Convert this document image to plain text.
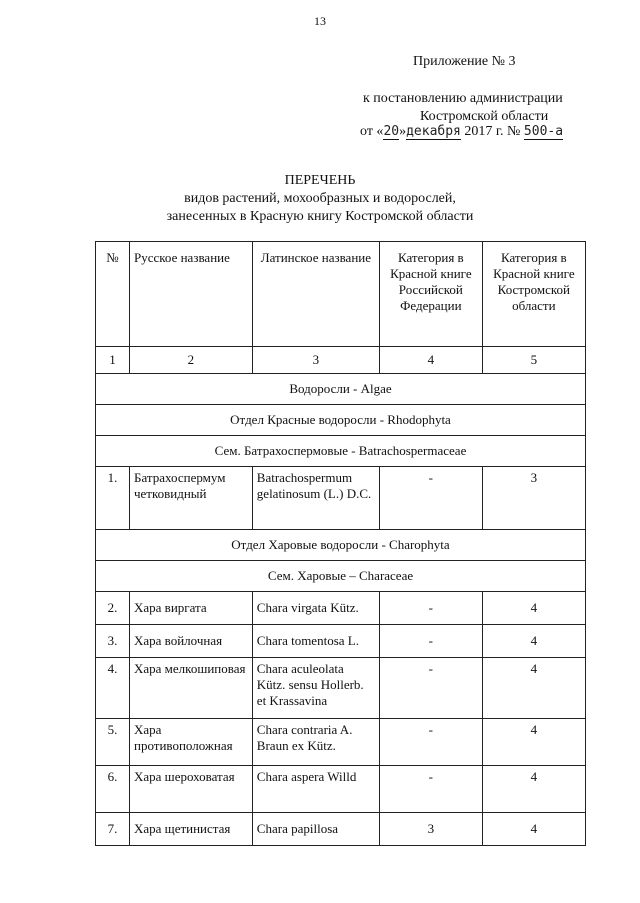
13
Приложение № 3
к постановлению администрации
Костромской области
от «20»декабря 2017 г. № 500-а
ПЕРЕЧЕНЬ
видов растений, мохообразных и водорослей,
занесенных в Красную книгу Костромской области
№	Русское название	Латинское название	Категория в Красной книге Российской Федерации	Категория в Красной книге Костромской области
1	2	3	4	5
Водоросли - Algae				
Отдел Красные водоросли - Rhodophyta				
Сем. Батрахоспермовые - Batrachospermaceae				
1.	Батрахоспермум четковидный	Batrachospermum gelatinosum (L.) D.C.	-	3
Отдел Харовые водоросли - Charophyta				
Сем. Харовые – Characeae				
2.	Хара виргата	Chara virgata Kütz.	-	4
3.	Хара войлочная	Chara tomentosa L.	-	4
4.	Хара мелкошиповая	Chara aculeolata Kütz. sensu Hollerb. et Krassavina	-	4
5.	Хара противоположная	Chara contraria A. Braun ex Kütz.	-	4
6.	Хара шероховатая	Chara aspera Willd	-	4
7.	Хара щетинистая	Chara papillosa	3	4
